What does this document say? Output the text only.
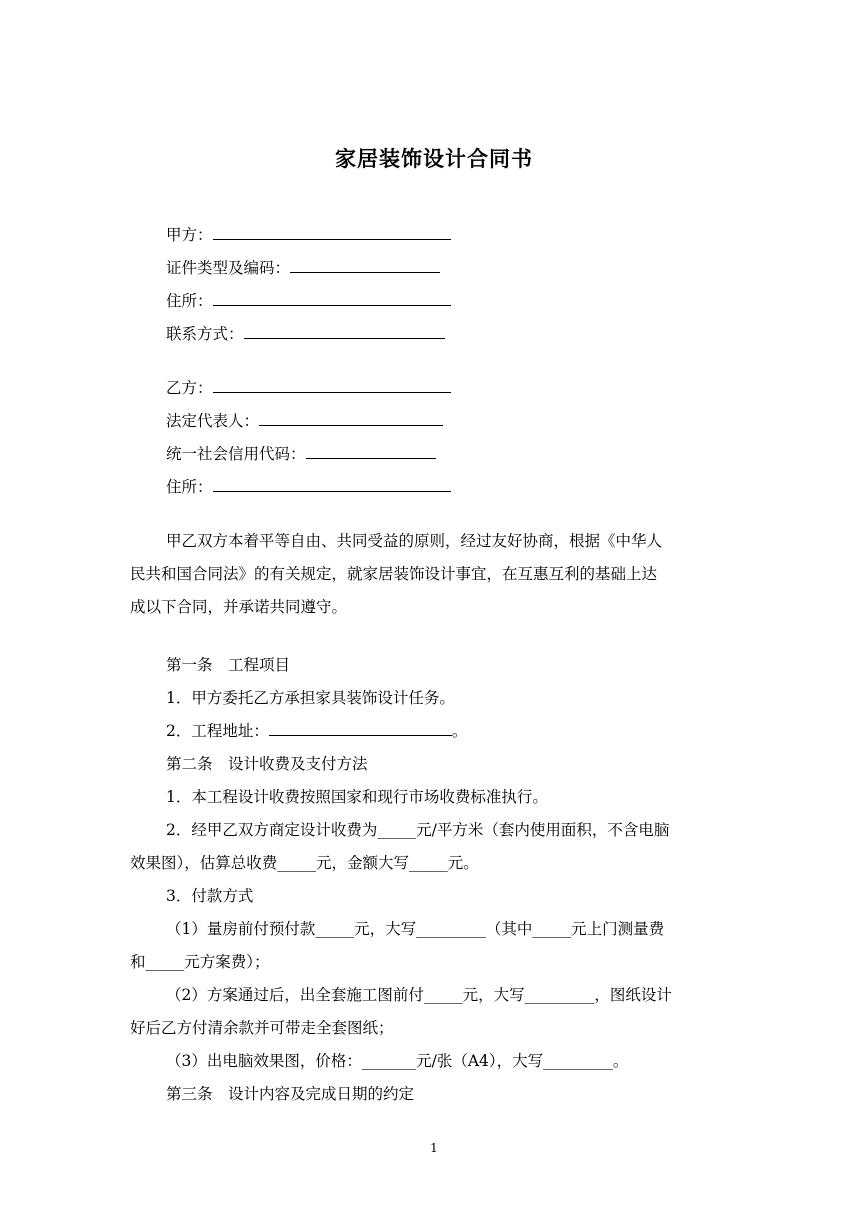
家居装饰设计合同书
甲方：
证件类型及编码：
住所：
联系方式：
乙方：
法定代表人：
统一社会信用代码：
住所：
甲乙双方本着平等自由、共同受益的原则，经过友好协商，根据《中华人
民共和国合同法》的有关规定，就家居装饰设计事宜，在互惠互利的基础上达
成以下合同，并承诺共同遵守。
第一条　工程项目
1．甲方委托乙方承担家具装饰设计任务。
2．工程地址：	。
第二条　设计收费及支付方法
1．本工程设计收费按照国家和现行市场收费标准执行。
2．经甲乙双方商定设计收费为_____元/平方米（套内使用面积，不含电脑
效果图），估算总收费_____元，金额大写_____元。
3．付款方式
（1）量房前付预付款_____元，大写_________（其中_____元上门测量费
和_____元方案费）；
（2）方案通过后，出全套施工图前付_____元，大写_________，图纸设计
好后乙方付清余款并可带走全套图纸；
（3）出电脑效果图，价格：_______元/张（A4），大写_________。
第三条　设计内容及完成日期的约定
1
